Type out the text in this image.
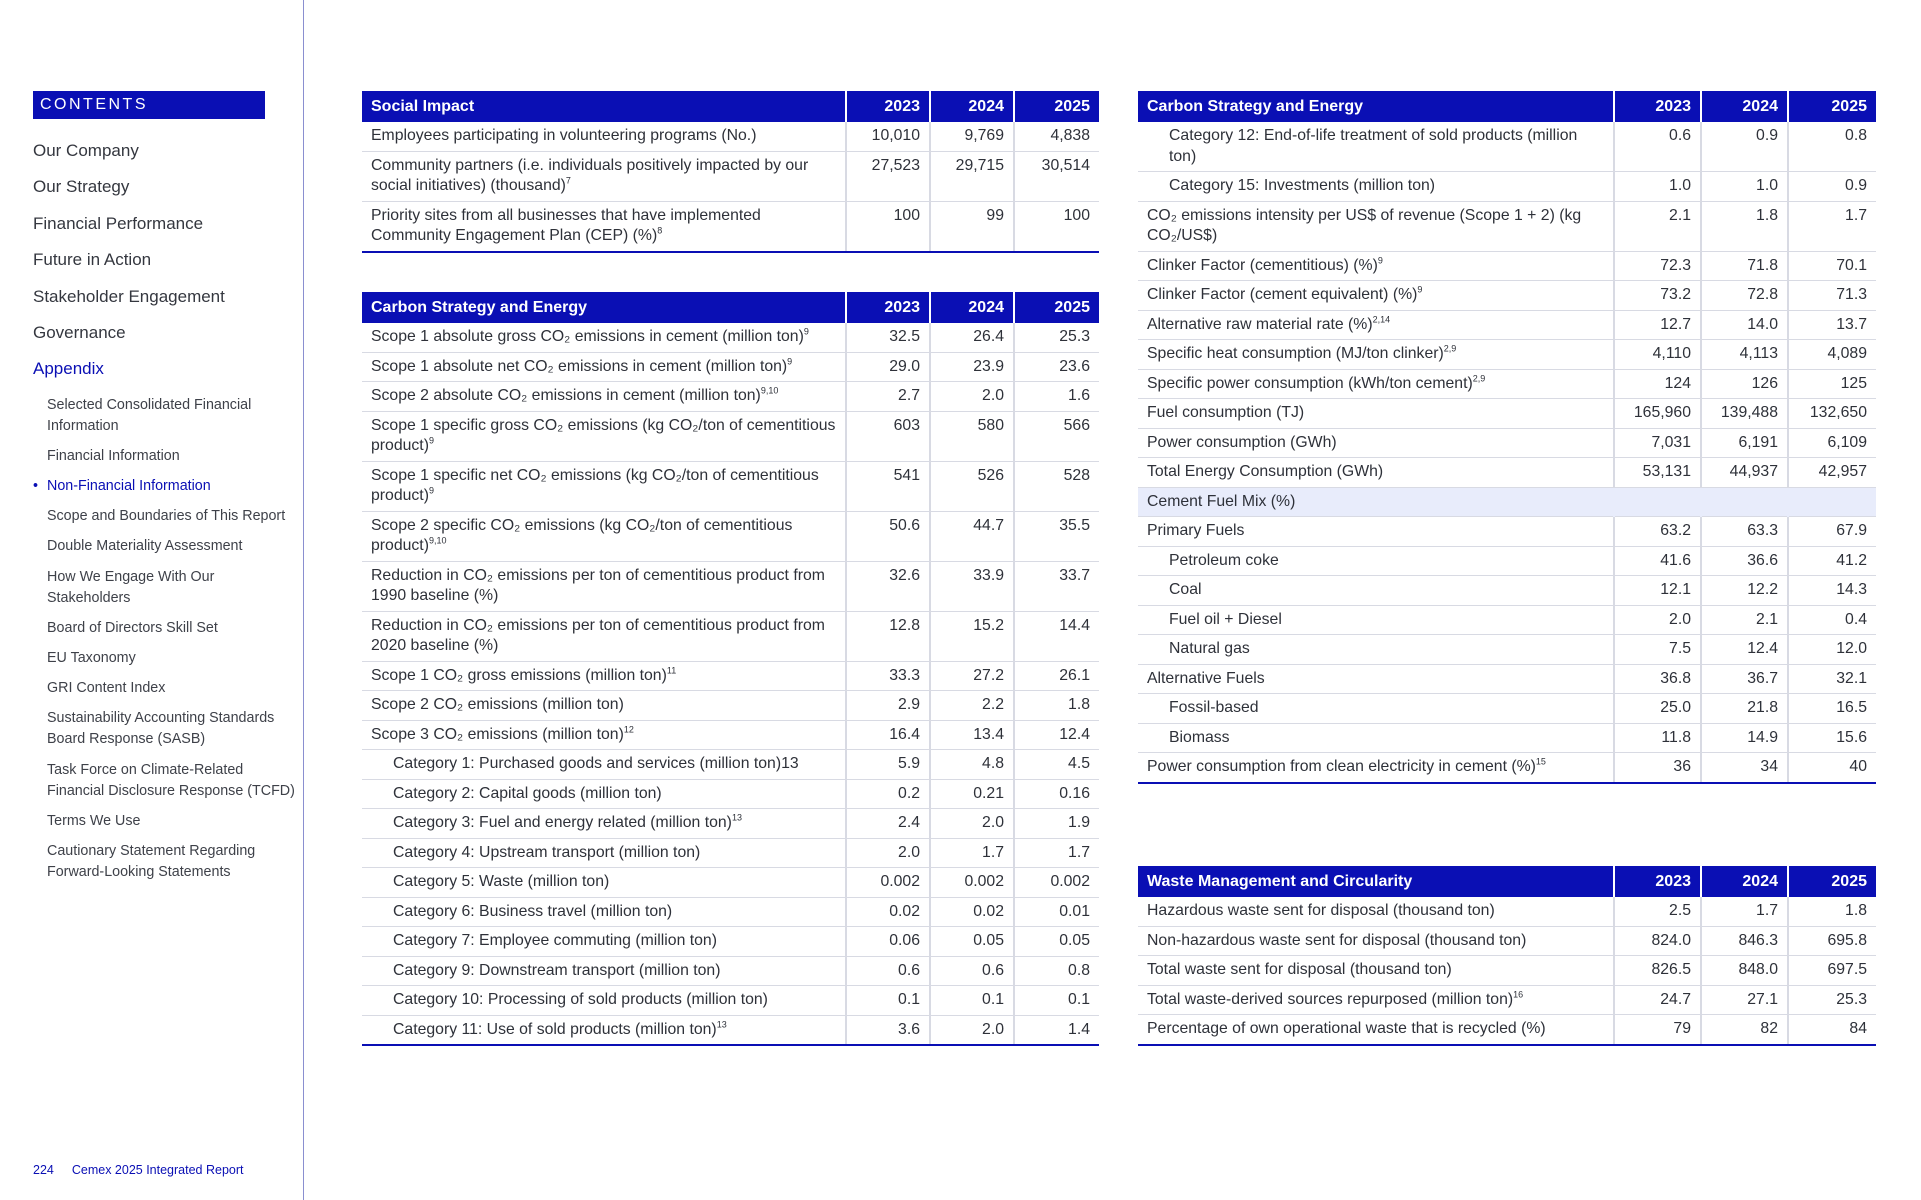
CONTENTS
Our Company
Our Strategy
Financial Performance
Future in Action
Stakeholder Engagement
Governance
Appendix
Selected Consolidated Financial Information
Financial Information
• Non-Financial Information
Scope and Boundaries of This Report
Double Materiality Assessment
How We Engage With Our Stakeholders
Board of Directors Skill Set
EU Taxonomy
GRI Content Index
Sustainability Accounting Standards Board Response (SASB)
Task Force on Climate-Related Financial Disclosure Response (TCFD)
Terms We Use
Cautionary Statement Regarding Forward-Looking Statements
224 Cemex 2025 Integrated Report
Social Impact	2023	2024	2025
Employees participating in volunteering programs (No.)	10,010	9,769	4,838
Community partners (i.e. individuals positively impacted by our social initiatives) (thousand)$^7$	27,523	29,715	30,514
Priority sites from all businesses that have implemented Community Engagement Plan (CEP) (%)$^8$	100	99	100
Carbon Strategy and Energy	2023	2024	2025
Scope 1 absolute gross CO₂ emissions in cement (million ton)$^9$	32.5	26.4	25.3
Scope 1 absolute net CO₂ emissions in cement (million ton)$^9$	29.0	23.9	23.6
Scope 2 absolute CO₂ emissions in cement (million ton)$^{9,10}$	2.7	2.0	1.6
Scope 1 specific gross CO₂ emissions (kg CO₂/ton of cementitious product)$^9$	603	580	566
Scope 1 specific net CO₂ emissions (kg CO₂/ton of cementitious product)$^9$	541	526	528
Scope 2 specific CO₂ emissions (kg CO₂/ton of cementitious product)$^{9,10}$	50.6	44.7	35.5
Reduction in CO₂ emissions per ton of cementitious product from 1990 baseline (%)	32.6	33.9	33.7
Reduction in CO₂ emissions per ton of cementitious product from 2020 baseline (%)	12.8	15.2	14.4
Scope 1 CO₂ gross emissions (million ton)$^{11}$	33.3	27.2	26.1
Scope 2 CO₂ emissions (million ton)	2.9	2.2	1.8
Scope 3 CO₂ emissions (million ton)$^{12}$	16.4	13.4	12.4
Category 1: Purchased goods and services (million ton)13	5.9	4.8	4.5
Category 2: Capital goods (million ton)	0.2	0.21	0.16
Category 3: Fuel and energy related (million ton)$^{13}$	2.4	2.0	1.9
Category 4: Upstream transport (million ton)	2.0	1.7	1.7
Category 5: Waste (million ton)	0.002	0.002	0.002
Category 6: Business travel (million ton)	0.02	0.02	0.01
Category 7: Employee commuting (million ton)	0.06	0.05	0.05
Category 9: Downstream transport (million ton)	0.6	0.6	0.8
Category 10: Processing of sold products (million ton)	0.1	0.1	0.1
Category 11: Use of sold products (million ton)$^{13}$	3.6	2.0	1.4
Carbon Strategy and Energy	2023	2024	2025
Category 12: End-of-life treatment of sold products (million ton)	0.6	0.9	0.8
Category 15: Investments (million ton)	1.0	1.0	0.9
CO₂ emissions intensity per US$ of revenue (Scope 1 + 2) (kg CO₂/US$)	2.1	1.8	1.7
Clinker Factor (cementitious) (%)$^9$	72.3	71.8	70.1
Clinker Factor (cement equivalent) (%)$^9$	73.2	72.8	71.3
Alternative raw material rate (%)$^{2,14}$	12.7	14.0	13.7
Specific heat consumption (MJ/ton clinker)$^{2,9}$	4,110	4,113	4,089
Specific power consumption (kWh/ton cement)$^{2,9}$	124	126	125
Fuel consumption (TJ)	165,960	139,488	132,650
Power consumption (GWh)	7,031	6,191	6,109
Total Energy Consumption (GWh)	53,131	44,937	42,957
Cement Fuel Mix (%)			
Primary Fuels	63.2	63.3	67.9
Petroleum coke	41.6	36.6	41.2
Coal	12.1	12.2	14.3
Fuel oil + Diesel	2.0	2.1	0.4
Natural gas	7.5	12.4	12.0
Alternative Fuels	36.8	36.7	32.1
Fossil-based	25.0	21.8	16.5
Biomass	11.8	14.9	15.6
Power consumption from clean electricity in cement (%)$^{15}$	36	34	40
Waste Management and Circularity	2023	2024	2025
Hazardous waste sent for disposal (thousand ton)	2.5	1.7	1.8
Non-hazardous waste sent for disposal (thousand ton)	824.0	846.3	695.8
Total waste sent for disposal (thousand ton)	826.5	848.0	697.5
Total waste-derived sources repurposed (million ton)$^{16}$	24.7	27.1	25.3
Percentage of own operational waste that is recycled (%)	79	82	84
